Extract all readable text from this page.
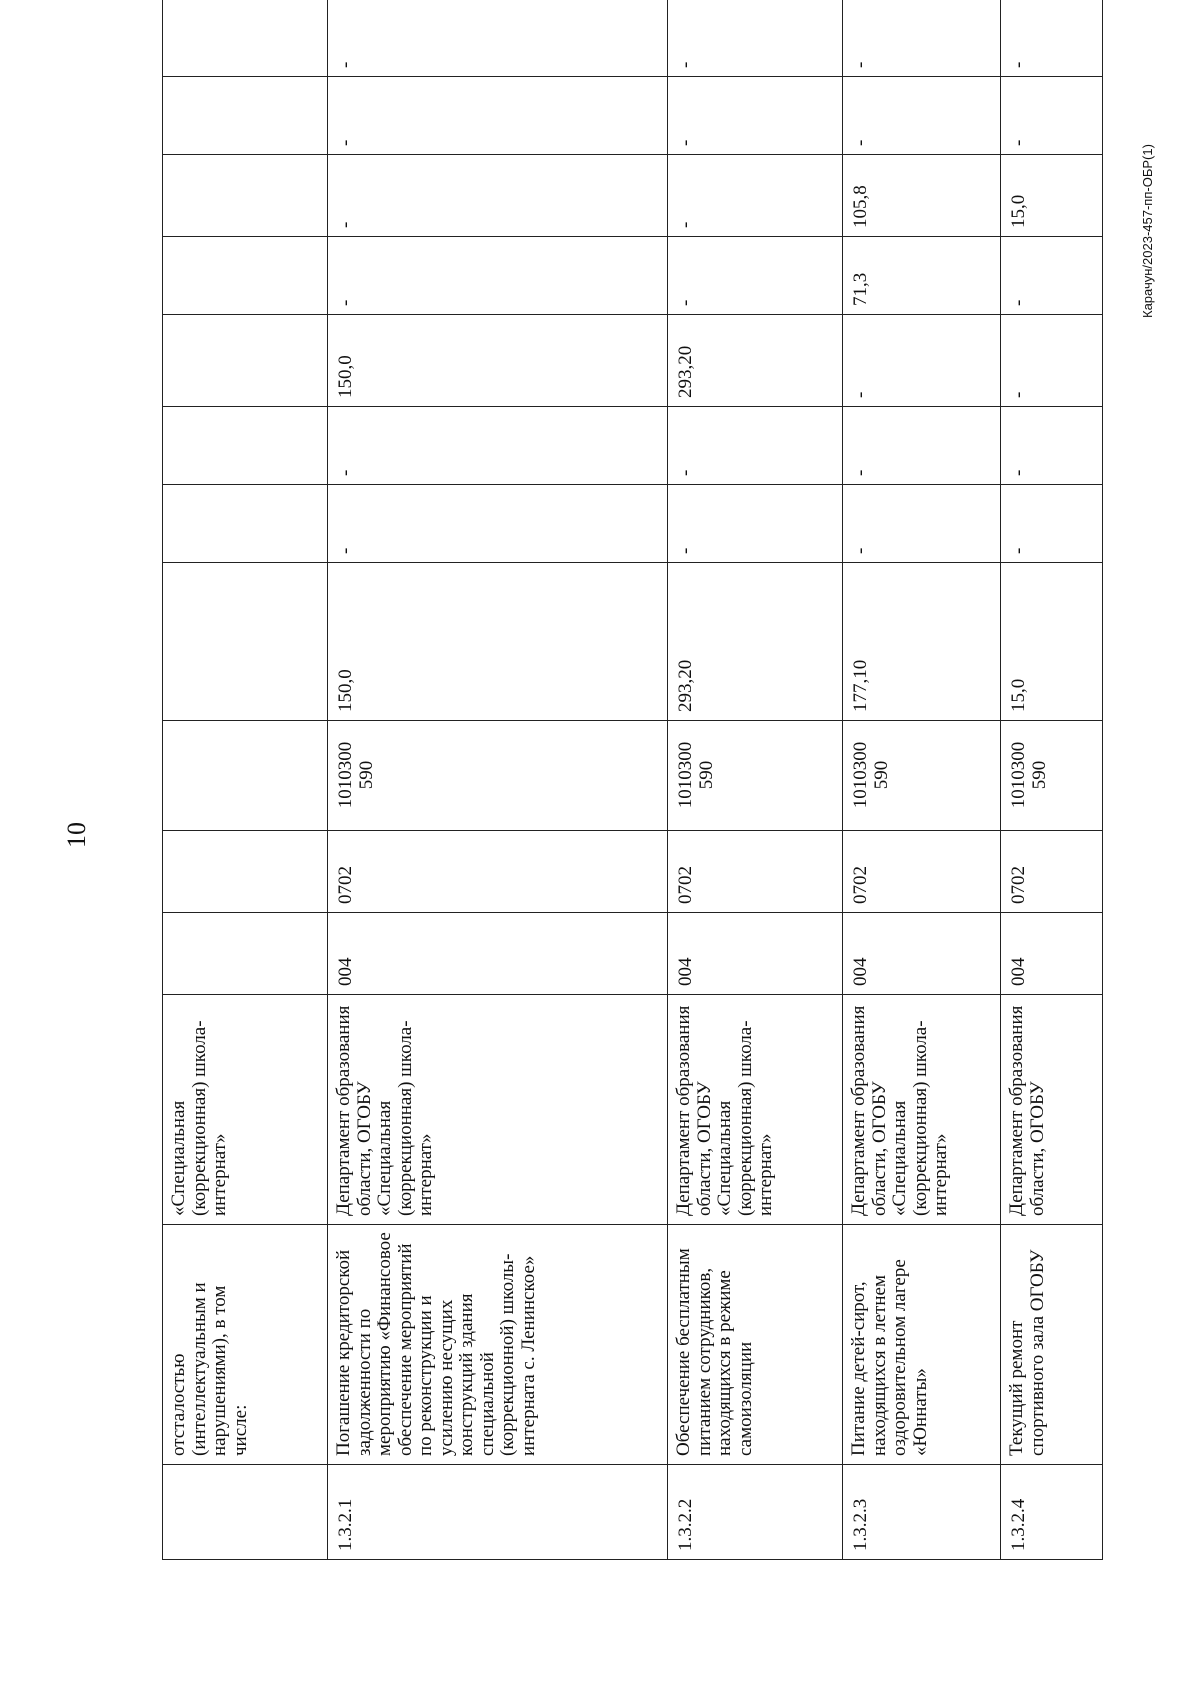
10
Карачун/2023-457-пп-ОБР(1)
	отсталостью (интеллектуальным и нарушениями), в том числе:	«Специальная (коррекционная) школа-интернат»												
1.3.2.1	Погашение кредиторской задолженности по мероприятию «Финансовое обеспечение мероприятий по реконструкции и усилению несущих конструкций здания специальной (коррекционной) школы-интерната с. Ленинское»	Департамент образования области, ОГОБУ «Специальная (коррекционная) школа-интернат»	004	0702	1010300 590	150,0	-	-	150,0	-	-	-	-	
1.3.2.2	Обеспечение бесплатным питанием сотрудников, находящихся в режиме самоизоляции	Департамент образования области, ОГОБУ «Специальная (коррекционная) школа-интернат»	004	0702	1010300 590	293,20	-	-	293,20	-	-	-	-	
1.3.2.3	Питание детей-сирот, находящихся в летнем оздоровительном лагере «Юннаты»	Департамент образования области, ОГОБУ «Специальная (коррекционная) школа-интернат»	004	0702	1010300 590	177,10	-	-	-	71,3	105,8	-	-	
1.3.2.4	Текущий ремонт спортивного зала ОГОБУ	Департамент образования области, ОГОБУ	004	0702	1010300 590	15,0	-	-	-	-	15,0	-	-	
